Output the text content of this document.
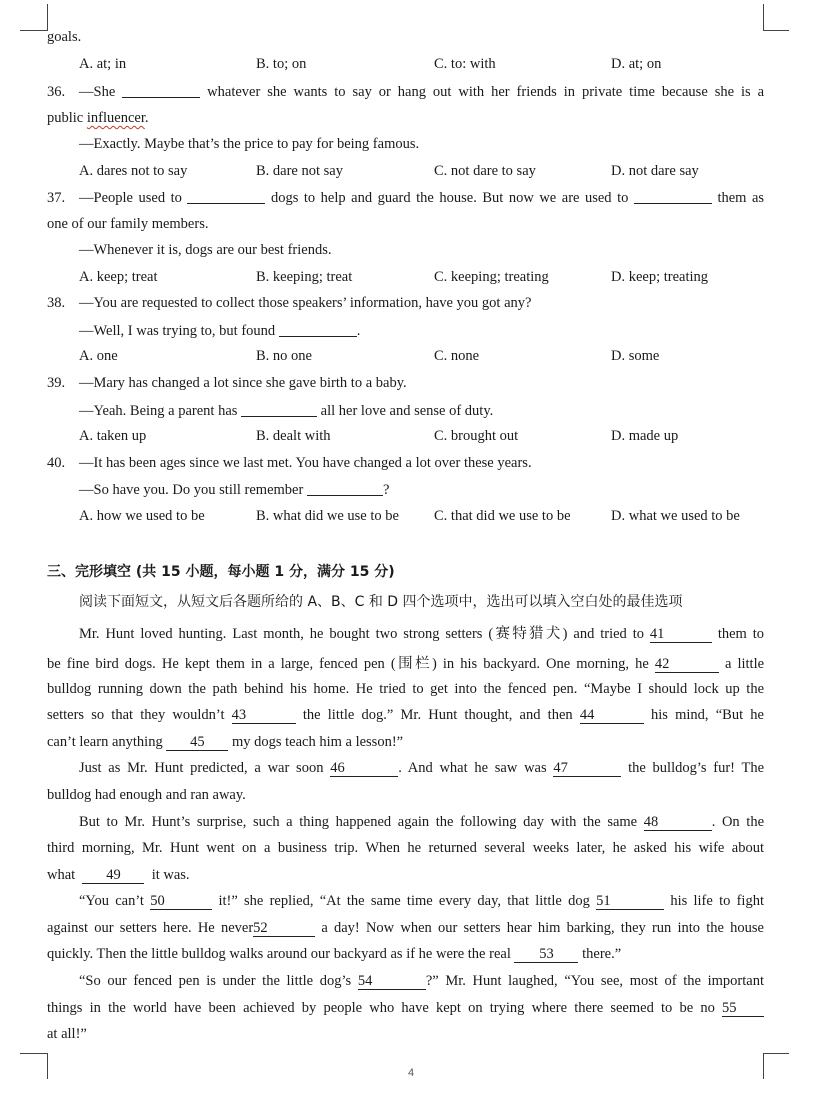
goals.
A. at; in	B. to; on	C. to: with	D. at; on
36. —She	whatever she wants to say or hang out with her friends in private time because she is a
public influencer.
—Exactly. Maybe that’s the price to pay for being famous.
A. dares not to say	B. dare not say	C. not dare to say	D. not dare say
37. —People used to	dogs to help and guard the house. But now we are used to	them as
one of our family members.
—Whenever it is, dogs are our best friends.
A. keep; treat	B. keeping; treat	C. keeping; treating	D. keep; treating
38. —You are requested to collect those speakers’ information, have you got any?
—Well, I was trying to, but found	.
A. one	B. no one	C. none	D. some
39. —Mary has changed a lot since she gave birth to a baby.
—Yeah. Being a parent has	all her love and sense of duty.
A. taken up	B. dealt with	C. brought out	D. made up
40. —It has been ages since we last met. You have changed a lot over these years.
—So have you. Do you still remember	?
A. how we used to be	B. what did we use to be C. that did we use to be	D. what we used to be
三、完形填空 (共 15 小题，每小题 1 分，满分 15 分)
阅读下面短文，从短文后各题所给的 A、B、C 和 D 四个选项中，选出可以填入空白处的最佳选项
Mr. Hunt loved hunting. Last month, he bought two strong setters (赛特猎犬) and tried to 41	them to
be fine bird dogs. He kept them in a large, fenced pen (围栏) in his backyard. One morning, he 42	a little
bulldog running down the path behind his home. He tried to get into the fenced pen. “Maybe I should lock up the
setters so that they wouldn’t 43	the little dog.” Mr. Hunt thought, and then 44	his mind, “But he
can’t learn anything 45 my dogs teach him a lesson!”
Just as Mr. Hunt predicted, a war soon 46	. And what he saw was 47	the bulldog’s fur! The
bulldog had enough and ran away.
But to Mr. Hunt’s surprise, such a thing happened again the following day with the same 48	. On the
third morning, Mr. Hunt went on a business trip. When he returned several weeks later, he asked his wife about
what 49 it was.
“You can’t 50	it!” she replied, “At the same time every day, that little dog 51	his life to fight
against our setters here. He never52	a day! Now when our setters hear him barking, they run into the house
quickly. Then the little bulldog walks around our backyard as if he were the real 53 there.”
“So our fenced pen is under the little dog’s 54	?” Mr. Hunt laughed, “You see, most of the important
things in the world have been achieved by people who have kept on trying where there seemed to be no 55
at all!”
4
